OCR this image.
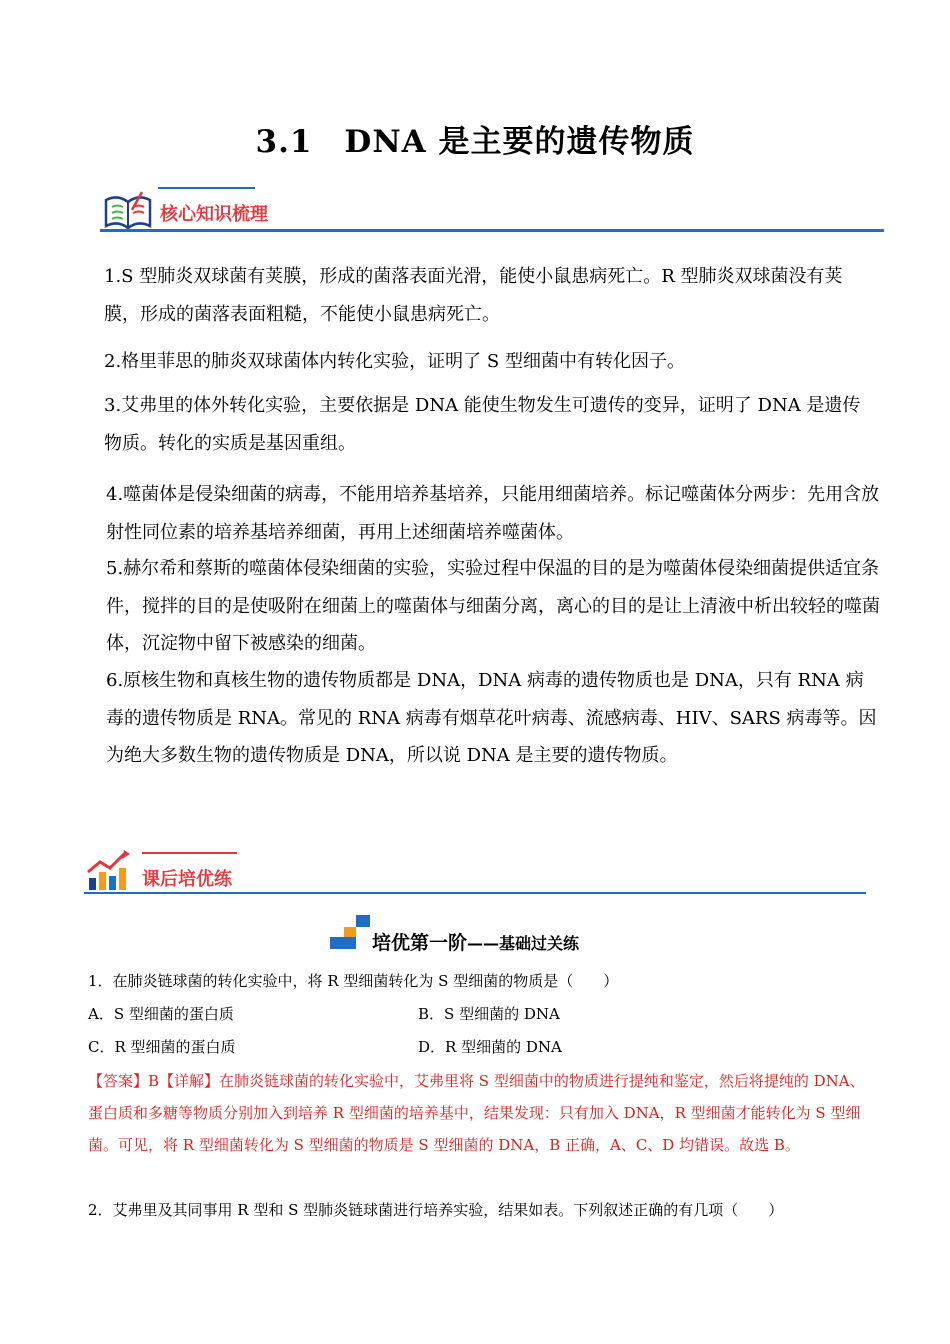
3.1　DNA 是主要的遗传物质
核心知识梳理
1.S 型肺炎双球菌有荚膜，形成的菌落表面光滑，能使小鼠患病死亡。R 型肺炎双球菌没有荚膜，形成的菌落表面粗糙，不能使小鼠患病死亡。
2.格里菲思的肺炎双球菌体内转化实验，证明了 S 型细菌中有转化因子。
3.艾弗里的体外转化实验，主要依据是 DNA 能使生物发生可遗传的变异，证明了 DNA 是遗传物质。转化的实质是基因重组。
4.噬菌体是侵染细菌的病毒，不能用培养基培养，只能用细菌培养。标记噬菌体分两步：先用含放射性同位素的培养基培养细菌，再用上述细菌培养噬菌体。
5.赫尔希和蔡斯的噬菌体侵染细菌的实验，实验过程中保温的目的是为噬菌体侵染细菌提供适宜条件，搅拌的目的是使吸附在细菌上的噬菌体与细菌分离，离心的目的是让上清液中析出较轻的噬菌体，沉淀物中留下被感染的细菌。
6.原核生物和真核生物的遗传物质都是 DNA，DNA 病毒的遗传物质也是 DNA，只有 RNA 病毒的遗传物质是 RNA。常见的 RNA 病毒有烟草花叶病毒、流感病毒、HIV、SARS 病毒等。因为绝大多数生物的遗传物质是 DNA，所以说 DNA 是主要的遗传物质。
课后培优练
培优第一阶——基础过关练
1．在肺炎链球菌的转化实验中，将 R 型细菌转化为 S 型细菌的物质是（　　）
A．S 型细菌的蛋白质	B．S 型细菌的 DNA
C．R 型细菌的蛋白质	D．R 型细菌的 DNA
【答案】B【详解】在肺炎链球菌的转化实验中，艾弗里将 S 型细菌中的物质进行提纯和鉴定，然后将提纯的 DNA、蛋白质和多糖等物质分别加入到培养 R 型细菌的培养基中，结果发现：只有加入 DNA，R 型细菌才能转化为 S 型细菌。可见，将 R 型细菌转化为 S 型细菌的物质是 S 型细菌的 DNA，B 正确，A、C、D 均错误。故选 B。
2．艾弗里及其同事用 R 型和 S 型肺炎链球菌进行培养实验，结果如表。下列叙述正确的有几项（　　）
